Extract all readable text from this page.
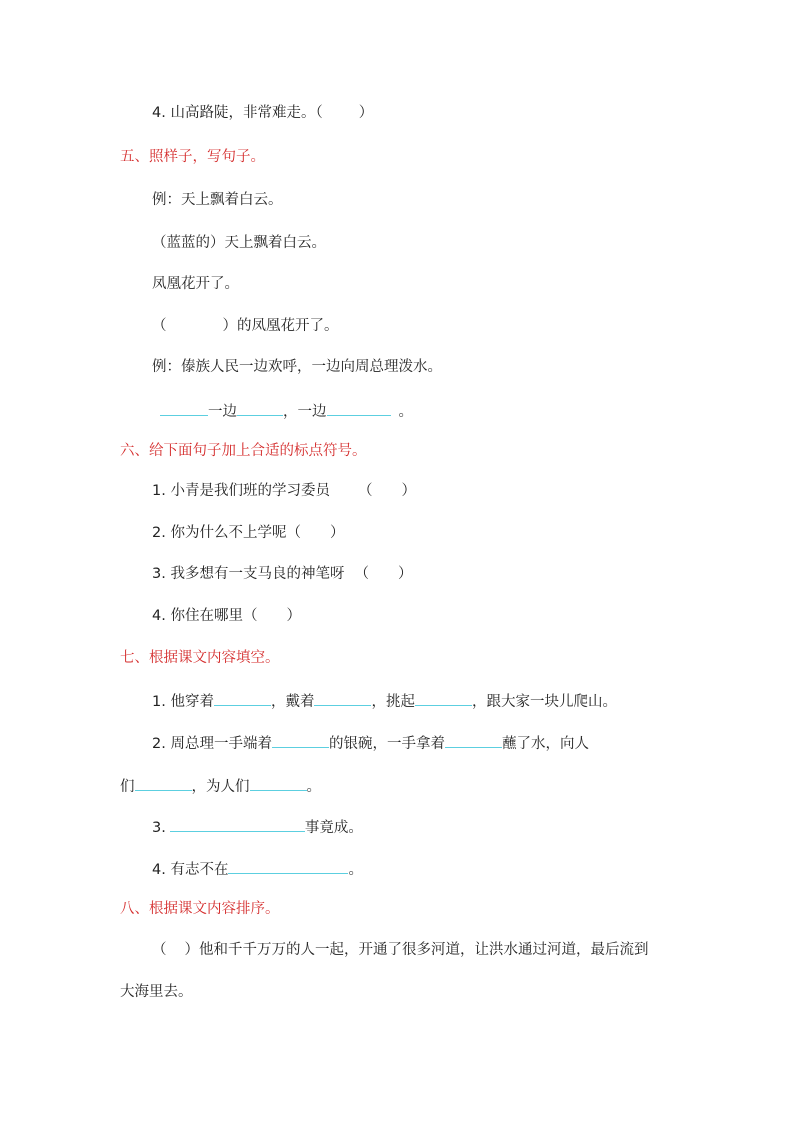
4. 山高路陡，非常难走。（ ）
五、照样子，写句子。
例：天上飘着白云。
（蓝蓝的）天上飘着白云。
凤凰花开了。
（	）的凤凰花开了。
例：傣族人民一边欢呼，一边向周总理泼水。
一边	，一边	。
六、给下面句子加上合适的标点符号。
1. 小青是我们班的学习委员 （　　）
2. 你为什么不上学呢（　　）
3. 我多想有一支马良的神笔呀 （　　）
4. 你住在哪里（　　）
七、根据课文内容填空。
1. 他穿着	，戴着	，挑起	，跟大家一块儿爬山。
2. 周总理一手端着	的银碗，一手拿着	蘸了水，向人
们	，为人们	。
3.	事竟成。
4. 有志不在	。
八、根据课文内容排序。
（ ）他和千千万万的人一起，开通了很多河道，让洪水通过河道，最后流到
大海里去。
